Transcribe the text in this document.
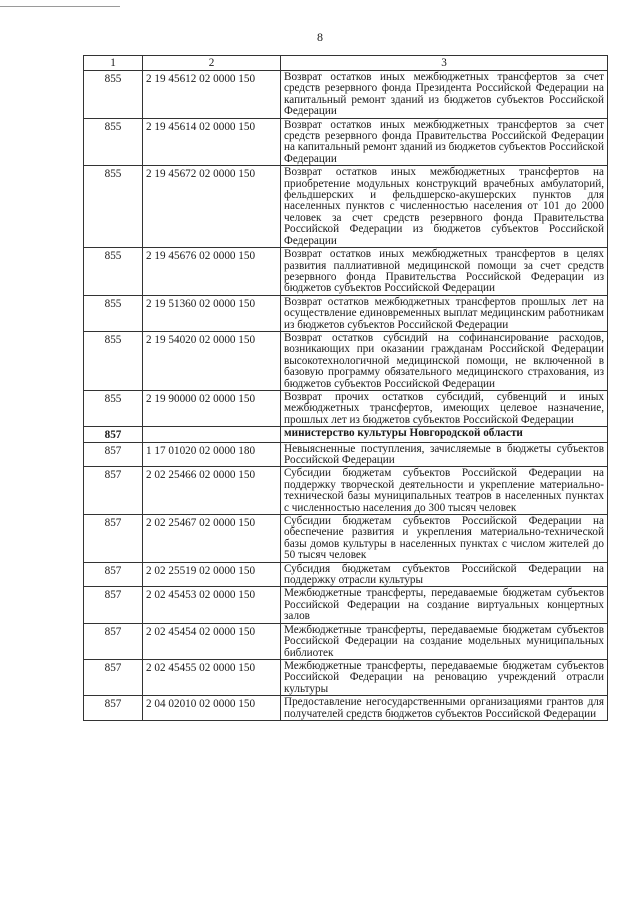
8
1	2	3
855	2 19 45612 02 0000 150	Возврат остатков иных межбюджетных трансфертов за счет средств резервного фонда Президента Российской Федерации на капитальный ремонт зданий из бюджетов субъектов Российской Федерации
855	2 19 45614 02 0000 150	Возврат остатков иных межбюджетных трансфертов за счет средств резервного фонда Правительства Российской Федерации на капитальный ремонт зданий из бюджетов субъектов Российской Федерации
855	2 19 45672 02 0000 150	Возврат остатков иных межбюджетных трансфертов на приобретение модульных конструкций врачебных амбулаторий, фельдшерских и фельдшерско-акушерских пунктов для населенных пунктов с численностью населения от 101 до 2000 человек за счет средств резервного фонда Правительства Российской Федерации из бюджетов субъектов Российской Федерации
855	2 19 45676 02 0000 150	Возврат остатков иных межбюджетных трансфертов в целях развития паллиативной медицинской помощи за счет средств резервного фонда Правительства Российской Федерации из бюджетов субъектов Российской Федерации
855	2 19 51360 02 0000 150	Возврат остатков межбюджетных трансфертов прошлых лет на осуществление единовременных выплат медицинским работникам из бюджетов субъектов Российской Федерации
855	2 19 54020 02 0000 150	Возврат остатков субсидий на софинансирование расходов, возникающих при оказании гражданам Российской Федерации высокотехнологичной медицинской помощи, не включенной в базовую программу обязательного медицинского страхования, из бюджетов субъектов Российской Федерации
855	2 19 90000 02 0000 150	Возврат прочих остатков субсидий, субвенций и иных межбюджетных трансфертов, имеющих целевое назначение, прошлых лет из бюджетов субъектов Российской Федерации
857		министерство культуры Новгородской области
857	1 17 01020 02 0000 180	Невыясненные поступления, зачисляемые в бюджеты субъектов Российской Федерации
857	2 02 25466 02 0000 150	Субсидии бюджетам субъектов Российской Федерации на поддержку творческой деятельности и укрепление материально-технической базы муниципальных театров в населенных пунктах с численностью населения до 300 тысяч человек
857	2 02 25467 02 0000 150	Субсидии бюджетам субъектов Российской Федерации на обеспечение развития и укрепления материально-технической базы домов культуры в населенных пунктах с числом жителей до 50 тысяч человек
857	2 02 25519 02 0000 150	Субсидия бюджетам субъектов Российской Федерации на поддержку отрасли культуры
857	2 02 45453 02 0000 150	Межбюджетные трансферты, передаваемые бюджетам субъектов Российской Федерации на создание виртуальных концертных залов
857	2 02 45454 02 0000 150	Межбюджетные трансферты, передаваемые бюджетам субъектов Российской Федерации на создание модельных муниципальных библиотек
857	2 02 45455 02 0000 150	Межбюджетные трансферты, передаваемые бюджетам субъектов Российской Федерации на реновацию учреждений отрасли культуры
857	2 04 02010 02 0000 150	Предоставление негосударственными организациями грантов для получателей средств бюджетов субъектов Российской Федерации
